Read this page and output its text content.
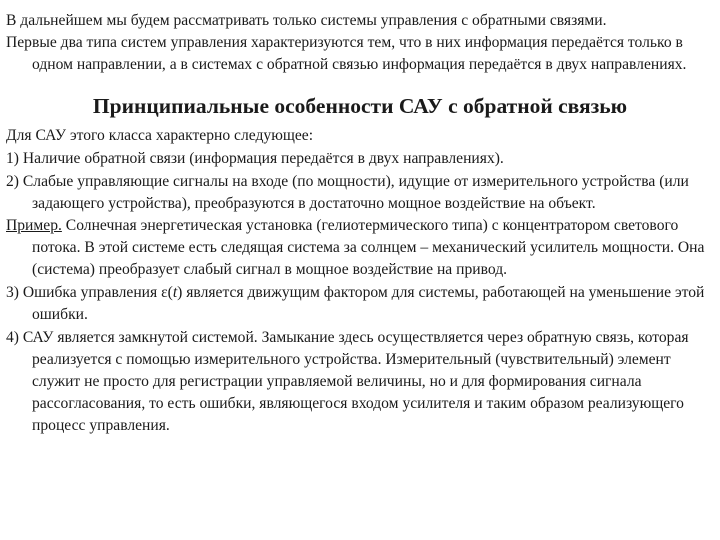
В дальнейшем мы будем рассматривать только системы управления с обратными связями.

Первые два типа систем управления характеризуются тем, что в них информация передаётся только в одном направлении, а в системах с обратной связью информация передаётся в двух направлениях.

Принципиальные особенности САУ с обратной связью

Для САУ этого класса характерно следующее:

1) Наличие обратной связи (информация передаётся в двух направлениях).

2) Слабые управляющие сигналы на входе (по мощности), идущие от измерительного устройства (или задающего устройства), преобразуются в достаточно мощное воздействие на объект.

Пример. Солнечная энергетическая установка (гелиотермического типа) с концентратором светового потока. В этой системе есть следящая система за солнцем – механический усилитель мощности. Она (система) преобразует слабый сигнал в мощное воздействие на привод.

3) Ошибка управления ε(t) является движущим фактором для системы, работающей на уменьшение этой ошибки.

4) САУ является замкнутой системой. Замыкание здесь осуществляется через обратную связь, которая реализуется с помощью измерительного устройства. Измерительный (чувствительный) элемент служит не просто для регистрации управляемой величины, но и для формирования сигнала рассогласования, то есть ошибки, являющегося входом усилителя и таким образом реализующего процесс управления.
